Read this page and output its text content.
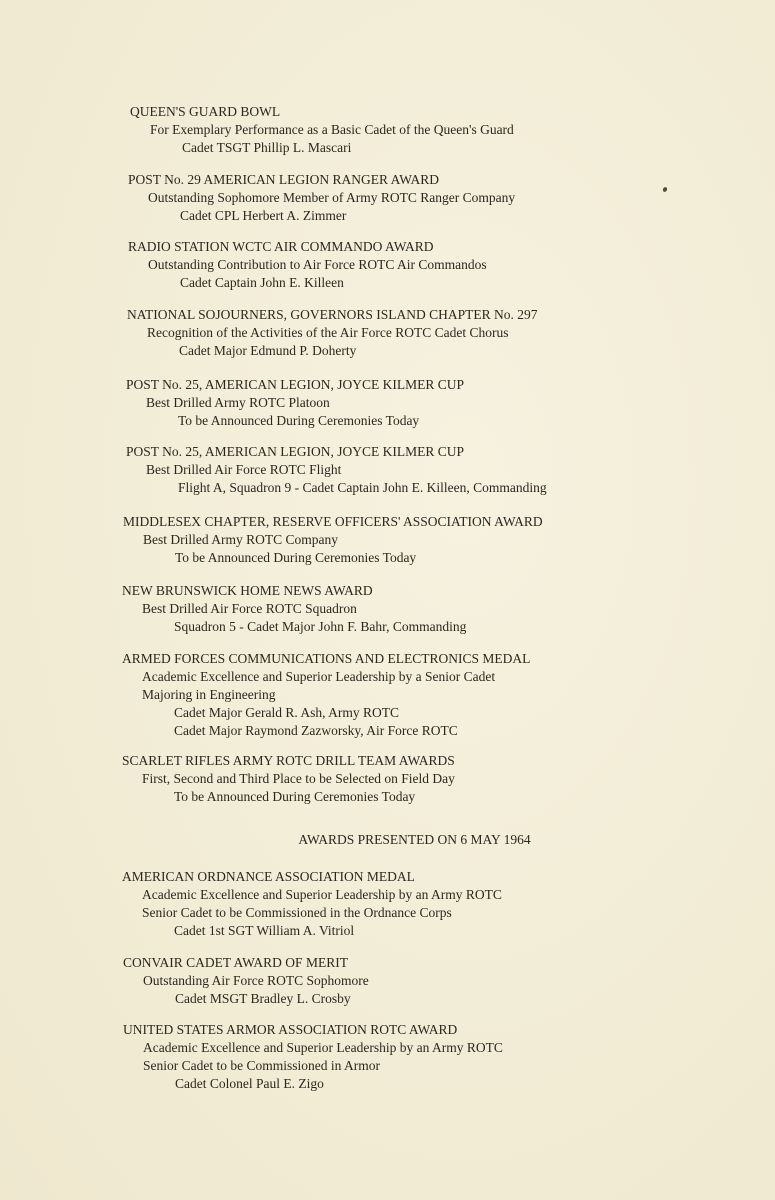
QUEEN'S GUARD BOWL
For Exemplary Performance as a Basic Cadet of the Queen's Guard
Cadet TSGT Phillip L. Mascari
POST No. 29 AMERICAN LEGION RANGER AWARD
Outstanding Sophomore Member of Army ROTC Ranger Company
Cadet CPL Herbert A. Zimmer
RADIO STATION WCTC AIR COMMANDO AWARD
Outstanding Contribution to Air Force ROTC Air Commandos
Cadet Captain John E. Killeen
NATIONAL SOJOURNERS, GOVERNORS ISLAND CHAPTER No. 297
Recognition of the Activities of the Air Force ROTC Cadet Chorus
Cadet Major Edmund P. Doherty
POST No. 25, AMERICAN LEGION, JOYCE KILMER CUP
Best Drilled Army ROTC Platoon
To be Announced During Ceremonies Today
POST No. 25, AMERICAN LEGION, JOYCE KILMER CUP
Best Drilled Air Force ROTC Flight
Flight A, Squadron 9 - Cadet Captain John E. Killeen, Commanding
MIDDLESEX CHAPTER, RESERVE OFFICERS' ASSOCIATION AWARD
Best Drilled Army ROTC Company
To be Announced During Ceremonies Today
NEW BRUNSWICK HOME NEWS AWARD
Best Drilled Air Force ROTC Squadron
Squadron 5 - Cadet Major John F. Bahr, Commanding
ARMED FORCES COMMUNICATIONS AND ELECTRONICS MEDAL
Academic Excellence and Superior Leadership by a Senior Cadet
Majoring in Engineering
Cadet Major Gerald R. Ash, Army ROTC
Cadet Major Raymond Zazworsky, Air Force ROTC
SCARLET RIFLES ARMY ROTC DRILL TEAM AWARDS
First, Second and Third Place to be Selected on Field Day
To be Announced During Ceremonies Today
AWARDS PRESENTED ON 6 MAY 1964
AMERICAN ORDNANCE ASSOCIATION MEDAL
Academic Excellence and Superior Leadership by an Army ROTC
Senior Cadet to be Commissioned in the Ordnance Corps
Cadet 1st SGT William A. Vitriol
CONVAIR CADET AWARD OF MERIT
Outstanding Air Force ROTC Sophomore
Cadet MSGT Bradley L. Crosby
UNITED STATES ARMOR ASSOCIATION ROTC AWARD
Academic Excellence and Superior Leadership by an Army ROTC
Senior Cadet to be Commissioned in Armor
Cadet Colonel Paul E. Zigo
